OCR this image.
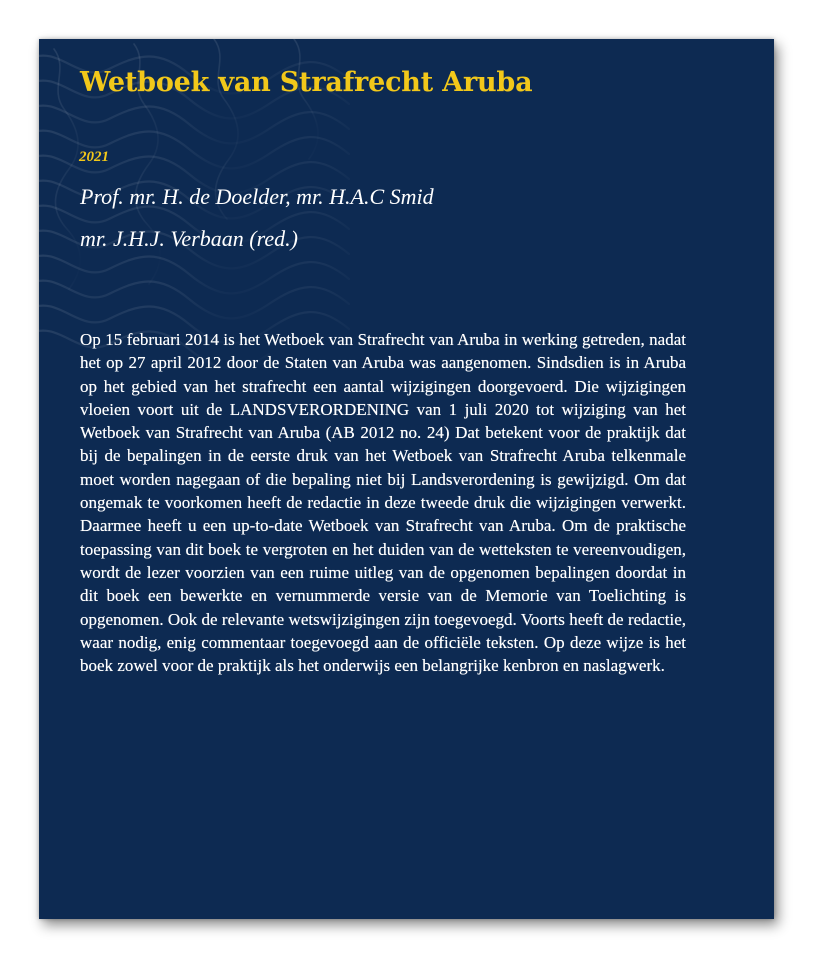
Wetboek van Strafrecht Aruba
2021
Prof. mr. H. de Doelder, mr. H.A.C Smid
mr. J.H.J. Verbaan (red.)

Op 15 februari 2014 is het Wetboek van Strafrecht van Aruba in werking getreden, nadat het op 27 april 2012 door de Staten van Aruba was aangenomen. Sindsdien is in Aruba op het gebied van het strafrecht een aantal wijzigingen doorgevoerd. Die wijzigingen vloeien voort uit de LANDSVERORDENING van 1 juli 2020 tot wijziging van het Wetboek van Strafrecht van Aruba (AB 2012 no. 24) Dat betekent voor de praktijk dat bij de bepalingen in de eerste druk van het Wetboek van Strafrecht Aruba telkenmale moet worden nagegaan of die bepaling niet bij Landsverordening is gewijzigd. Om dat ongemak te voorkomen heeft de redactie in deze tweede druk die wijzigingen verwerkt. Daarmee heeft u een up-to-date Wetboek van Strafrecht van Aruba. Om de praktische toepassing van dit boek te vergroten en het duiden van de wetteksten te vereenvoudigen, wordt de lezer voorzien van een ruime uitleg van de opgenomen bepalingen doordat in dit boek een bewerkte en vernummerde versie van de Memorie van Toelichting is opgenomen. Ook de relevante wetswijzigingen zijn toegevoegd. Voorts heeft de redactie, waar nodig, enig commentaar toegevoegd aan de officiële teksten. Op deze wijze is het boek zowel voor de praktijk als het onderwijs een belangrijke kenbron en naslagwerk.
